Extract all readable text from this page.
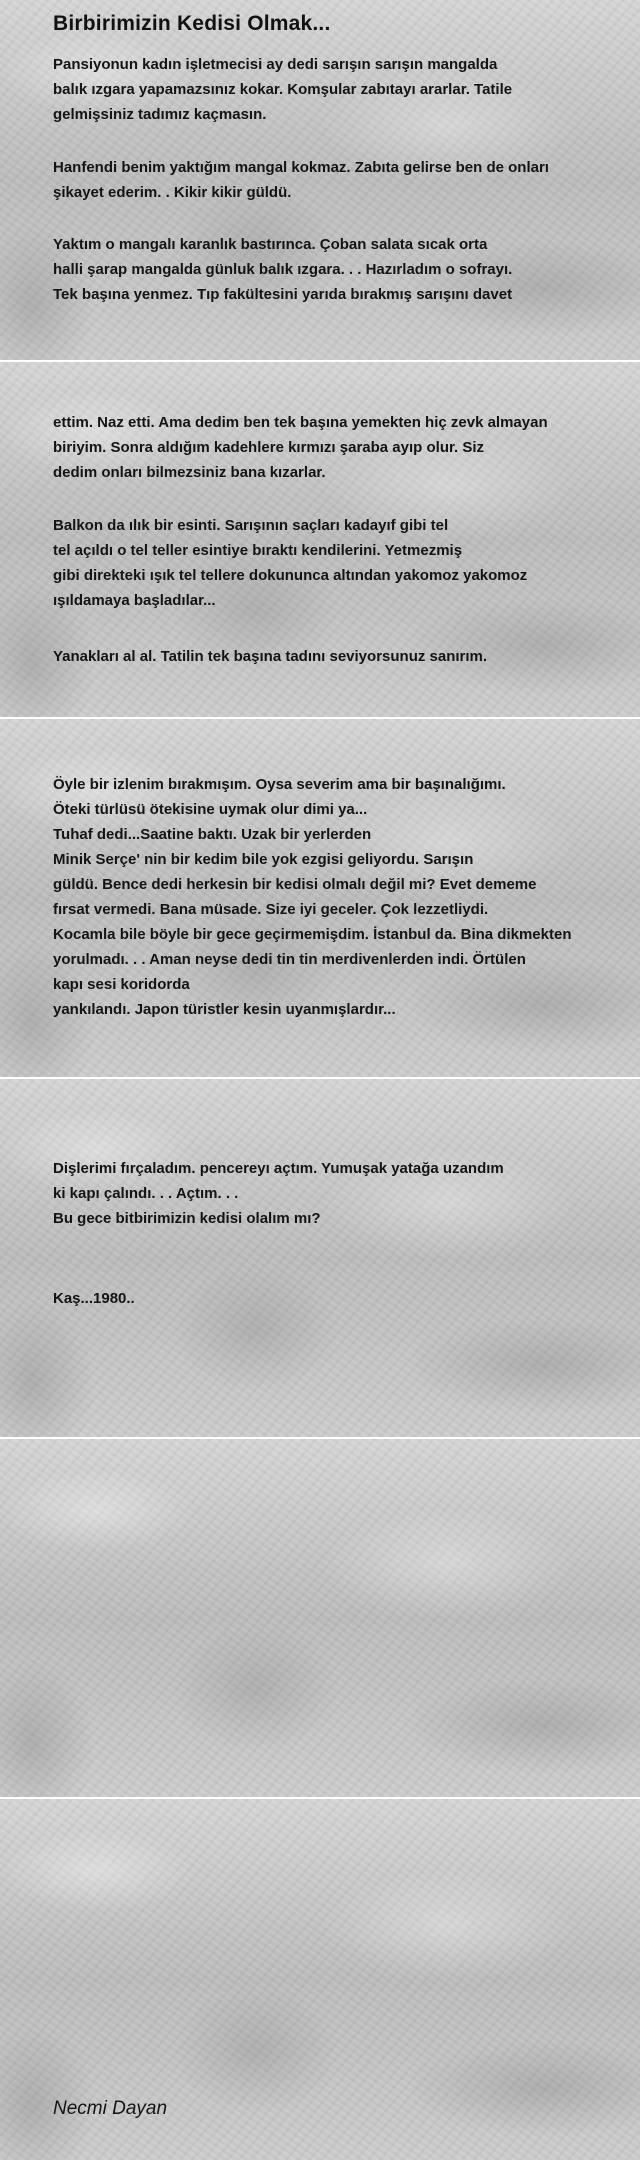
Birbirimizin Kedisi Olmak...

Pansiyonun kadın işletmecisi ay dedi sarışın sarışın mangalda
balık ızgara yapamazsınız kokar. Komşular zabıtayı ararlar. Tatile
gelmişsiniz tadımız kaçmasın.

Hanfendi benim yaktığım mangal kokmaz. Zabıta gelirse ben de onları
şikayet ederim. . Kikir kikir güldü.

Yaktım o mangalı karanlık bastırınca. Çoban salata sıcak orta
halli şarap mangalda günluk balık ızgara. . . Hazırladım o sofrayı.
Tek başına yenmez. Tıp fakültesini yarıda bırakmış sarışını davet

ettim. Naz etti. Ama dedim ben tek başına yemekten hiç zevk almayan
biriyim. Sonra aldığım kadehlere kırmızı şaraba ayıp olur. Siz
dedim onları bilmezsiniz bana kızarlar.

Balkon da ılık bir esinti. Sarışının saçları kadayıf gibi tel
tel açıldı o tel teller esintiye bıraktı kendilerini. Yetmezmiş
gibi direkteki ışık tel tellere dokununca altından yakomoz yakomoz
ışıldamaya başladılar...

Yanakları al al. Tatilin tek başına tadını seviyorsunuz sanırım.

Öyle bir izlenim bırakmışım. Oysa severim ama bir başınalığımı.
Öteki türlüsü ötekisine uymak olur dimi ya...
Tuhaf dedi...Saatine baktı. Uzak bir yerlerden
Minik Serçe' nin bir kedim bile yok ezgisi geliyordu. Sarışın
güldü. Bence dedi herkesin bir kedisi olmalı değil mi? Evet dememe
fırsat vermedi. Bana müsade. Size iyi geceler. Çok lezzetliydi.
Kocamla bile böyle bir gece geçirmemişdim. İstanbul da. Bina dikmekten
yorulmadı. . . Aman neyse dedi tin tin merdivenlerden indi. Örtülen
kapı sesi koridorda
yankılandı. Japon türistler kesin uyanmışlardır...

Dişlerimi fırçaladım. pencereyı açtım. Yumuşak yatağa uzandım
ki kapı çalındı. . . Açtım. . .
Bu gece bitbirimizin kedisi olalım mı?

Kaş...1980..

Necmi Dayan
